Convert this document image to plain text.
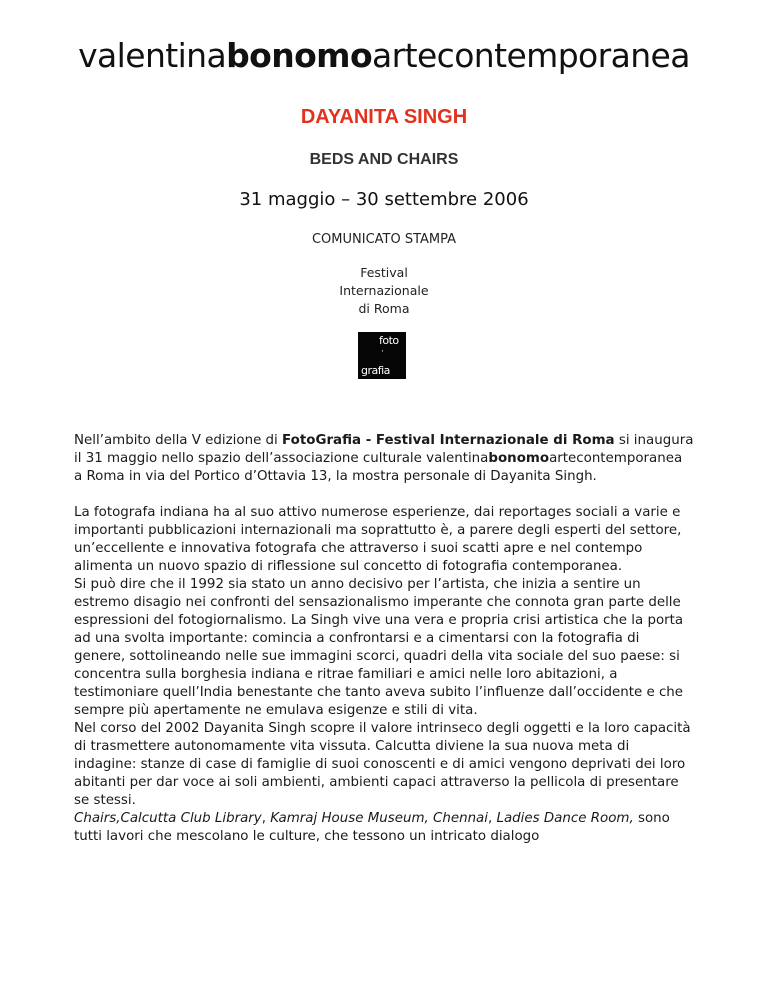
valentinabonomoartecontemporanea
DAYANITA SINGH
BEDS AND CHAIRS
31 maggio – 30 settembre 2006
COMUNICATO STAMPA
Festival
Internazionale
di Roma
foto
·
grafia

Nell’ambito della V edizione di FotoGrafia - Festival Internazionale di Roma si inaugura il 31 maggio nello spazio dell’associazione culturale valentinabonomoartecontemporanea a Roma in via del Portico d’Ottavia 13, la mostra personale di Dayanita Singh.

La fotografa indiana ha al suo attivo numerose esperienze, dai reportages sociali a varie e importanti pubblicazioni internazionali ma soprattutto è, a parere degli esperti del settore, un’eccellente e innovativa fotografa che attraverso i suoi scatti apre e nel contempo alimenta un nuovo spazio di riflessione sul concetto di fotografia contemporanea.

Si può dire che il 1992 sia stato un anno decisivo per l’artista, che inizia a sentire un estremo disagio nei confronti del sensazionalismo imperante che connota gran parte delle espressioni del fotogiornalismo. La Singh vive una vera e propria crisi artistica che la porta ad una svolta importante: comincia a confrontarsi e a cimentarsi con la fotografia di genere, sottolineando nelle sue immagini scorci, quadri della vita sociale del suo paese: si concentra sulla borghesia indiana e ritrae familiari e amici nelle loro abitazioni, a testimoniare quell’India benestante che tanto aveva subito l’influenze dall’occidente e che sempre più apertamente ne emulava esigenze e stili di vita.

Nel corso del 2002 Dayanita Singh scopre il valore intrinseco degli oggetti e la loro capacità di trasmettere autonomamente vita vissuta. Calcutta diviene la sua nuova meta di indagine: stanze di case di famiglie di suoi conoscenti e di amici vengono deprivati dei loro abitanti per dar voce ai soli ambienti, ambienti capaci attraverso la pellicola di presentare se stessi.

Chairs,Calcutta Club Library, Kamraj House Museum, Chennai, Ladies Dance Room, sono tutti lavori che mescolano le culture, che tessono un intricato dialogo
